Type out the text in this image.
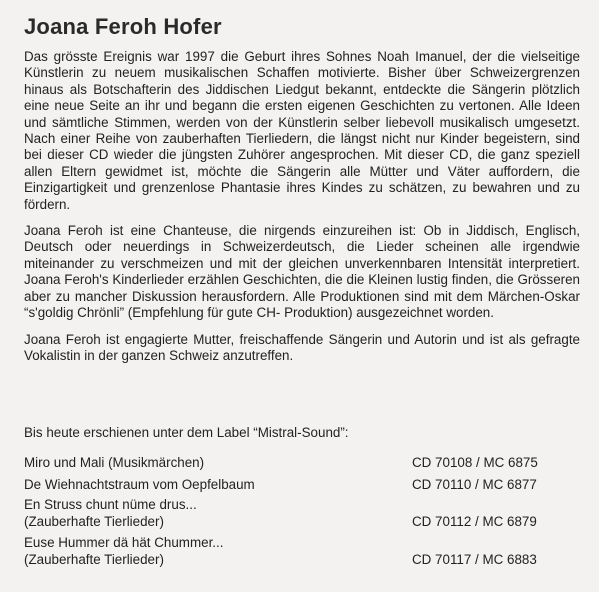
Joana Feroh Hofer

Das grösste Ereignis war 1997 die Geburt ihres Sohnes Noah Imanuel, der die vielseitige Künstlerin zu neuem musikalischen Schaffen motivierte. Bisher über Schweizergrenzen hinaus als Botschafterin des Jiddischen Liedgut bekannt, entdeckte die Sängerin plötzlich eine neue Seite an ihr und begann die ersten eigenen Geschichten zu vertonen. Alle Ideen und sämtliche Stimmen, werden von der Künstlerin selber liebevoll musikalisch umgesetzt. Nach einer Reihe von zauberhaften Tierliedern, die längst nicht nur Kinder begeistern, sind bei dieser CD wieder die jüngsten Zuhörer angesprochen. Mit dieser CD, die ganz speziell allen Eltern gewidmet ist, möchte die Sängerin alle Mütter und Väter auffordern, die Einzigartigkeit und grenzenlose Phantasie ihres Kindes zu schätzen, zu bewahren und zu fördern.

Joana Feroh ist eine Chanteuse, die nirgends einzureihen ist: Ob in Jiddisch, Englisch, Deutsch oder neuerdings in Schweizerdeutsch, die Lieder scheinen alle irgendwie miteinander zu verschmeizen und mit der gleichen unverkennbaren Intensität interpretiert. Joana Feroh's Kinderlieder erzählen Geschichten, die die Kleinen lustig finden, die Grösseren aber zu mancher Diskussion herausfordern. Alle Produktionen sind mit dem Märchen-Oskar “s'goldig Chrönli” (Empfehlung für gute CH- Produktion) ausgezeichnet worden.

Joana Feroh ist engagierte Mutter, freischaffende Sängerin und Autorin und ist als gefragte Vokalistin in der ganzen Schweiz anzutreffen.

Bis heute erschienen unter dem Label “Mistral-Sound”:

Miro und Mali (Musikmärchen)	CD 70108 / MC 6875
De Wiehnachtstraum vom Oepfelbaum	CD 70110 / MC 6877
En Struss chunt nüme drus...
(Zauberhafte Tierlieder)	CD 70112 / MC 6879
Euse Hummer dä hät Chummer...
(Zauberhafte Tierlieder)	CD 70117 / MC 6883
